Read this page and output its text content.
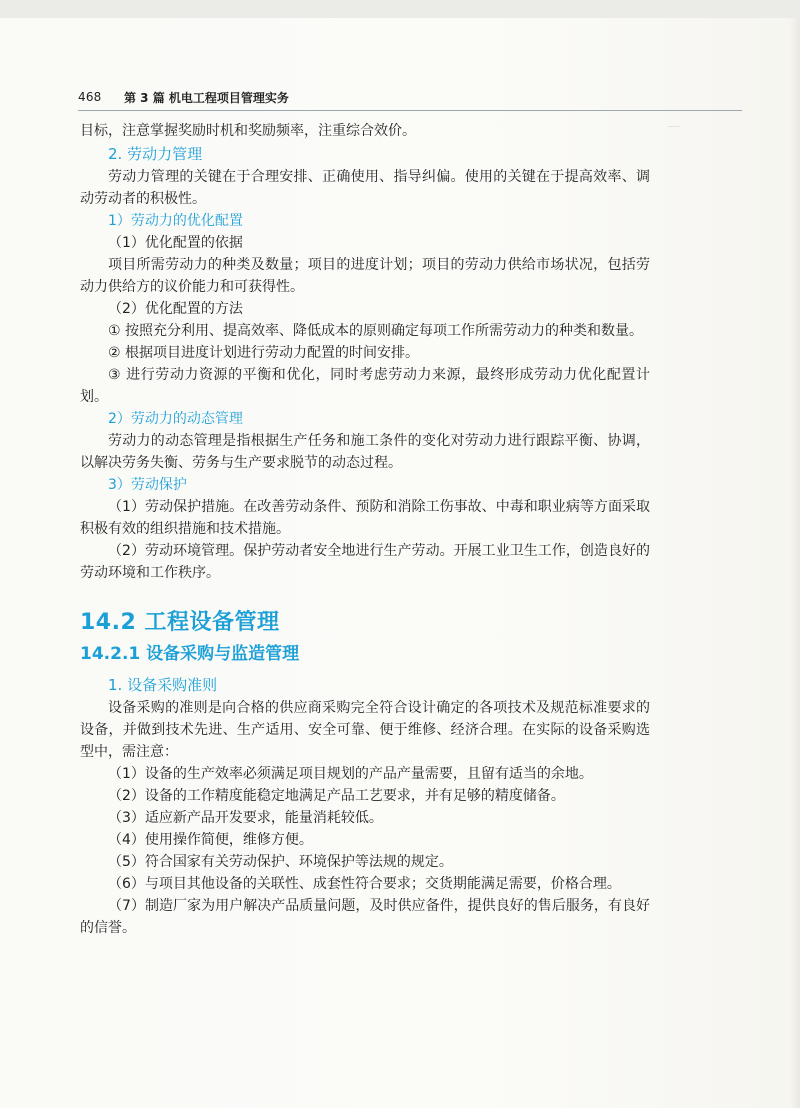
468 第 3 篇 机电工程项目管理实务

目标，注意掌握奖励时机和奖励频率，注重综合效价。

2. 劳动力管理

劳动力管理的关键在于合理安排、正确使用、指导纠偏。使用的关键在于提高效率、调动劳动者的积极性。

1）劳动力的优化配置
（1）优化配置的依据

项目所需劳动力的种类及数量；项目的进度计划；项目的劳动力供给市场状况，包括劳动力供给方的议价能力和可获得性。

（2）优化配置的方法

① 按照充分利用、提高效率、降低成本的原则确定每项工作所需劳动力的种类和数量。

② 根据项目进度计划进行劳动力配置的时间安排。

③ 进行劳动力资源的平衡和优化，同时考虑劳动力来源，最终形成劳动力优化配置计划。

2）劳动力的动态管理

劳动力的动态管理是指根据生产任务和施工条件的变化对劳动力进行跟踪平衡、协调，以解决劳务失衡、劳务与生产要求脱节的动态过程。

3）劳动保护

（1）劳动保护措施。在改善劳动条件、预防和消除工伤事故、中毒和职业病等方面采取积极有效的组织措施和技术措施。

（2）劳动环境管理。保护劳动者安全地进行生产劳动。开展工业卫生工作，创造良好的劳动环境和工作秩序。

14.2 工程设备管理
14.2.1 设备采购与监造管理
1. 设备采购准则

设备采购的准则是向合格的供应商采购完全符合设计确定的各项技术及规范标准要求的设备，并做到技术先进、生产适用、安全可靠、便于维修、经济合理。在实际的设备采购选型中，需注意：

（1）设备的生产效率必须满足项目规划的产品产量需要，且留有适当的余地。

（2）设备的工作精度能稳定地满足产品工艺要求，并有足够的精度储备。

（3）适应新产品开发要求，能量消耗较低。

（4）使用操作简便，维修方便。

（5）符合国家有关劳动保护、环境保护等法规的规定。

（6）与项目其他设备的关联性、成套性符合要求；交货期能满足需要，价格合理。

（7）制造厂家为用户解决产品质量问题，及时供应备件，提供良好的售后服务，有良好的信誉。
